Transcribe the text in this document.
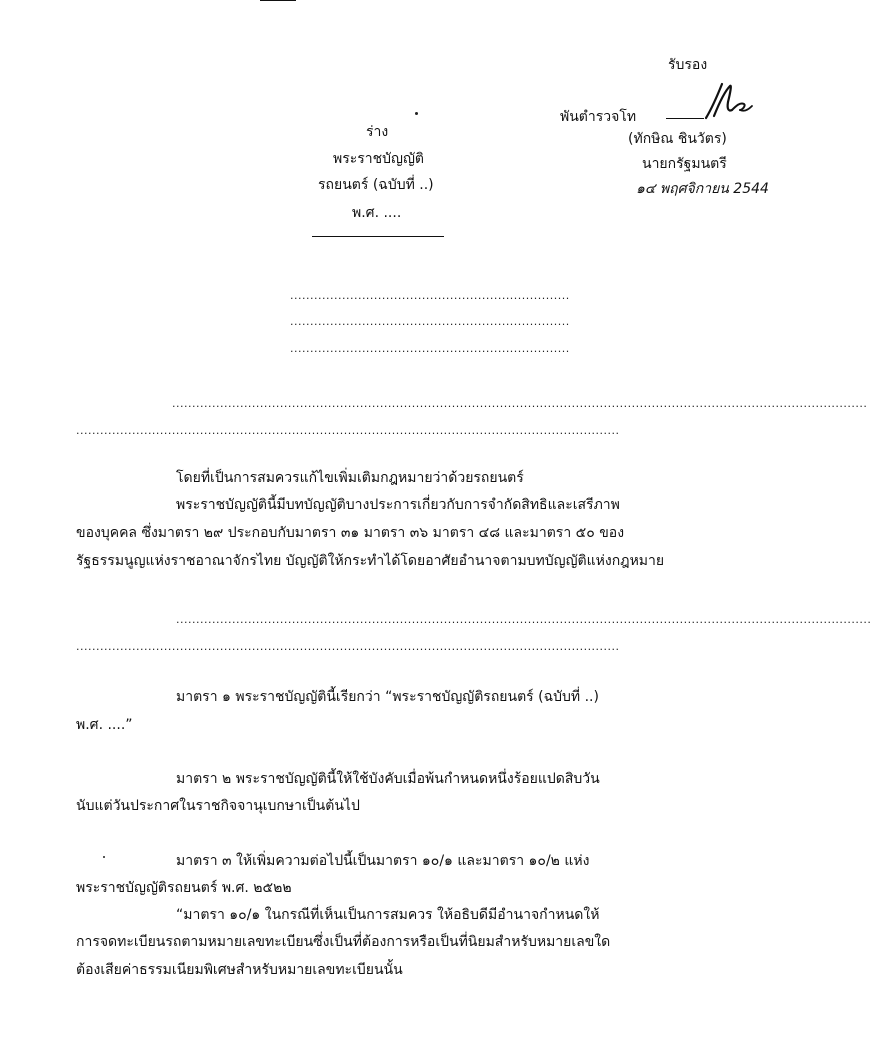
รับรอง
พันตำรวจโท
(ทักษิณ ชินวัตร)
นายกรัฐมนตรี
๑๔ พฤศจิกายน 2544
ร่าง
พระราชบัญญัติ
รถยนตร์ (ฉบับที่ ..)
พ.ศ. ....
......................................................................
......................................................................
......................................................................
..............................................................................................................................................................................
........................................................................................................................................
โดยที่เป็นการสมควรแก้ไขเพิ่มเติมกฎหมายว่าด้วยรถยนตร์
พระราชบัญญัตินี้มีบทบัญญัติบางประการเกี่ยวกับการจำกัดสิทธิและเสรีภาพ
ของบุคคล ซึ่งมาตรา ๒๙ ประกอบกับมาตรา ๓๑ มาตรา ๓๖ มาตรา ๔๘ และมาตรา ๕๐ ของ
รัฐธรรมนูญแห่งราชอาณาจักรไทย บัญญัติให้กระทำได้โดยอาศัยอำนาจตามบทบัญญัติแห่งกฎหมาย
..............................................................................................................................................................................
........................................................................................................................................
มาตรา ๑ พระราชบัญญัตินี้เรียกว่า “พระราชบัญญัติรถยนตร์ (ฉบับที่ ..)
พ.ศ. ....”
มาตรา ๒ พระราชบัญญัตินี้ให้ใช้บังคับเมื่อพ้นกำหนดหนึ่งร้อยแปดสิบวัน
นับแต่วันประกาศในราชกิจจานุเบกษาเป็นต้นไป
มาตรา ๓ ให้เพิ่มความต่อไปนี้เป็นมาตรา ๑๐/๑ และมาตรา ๑๐/๒ แห่ง
พระราชบัญญัติรถยนตร์ พ.ศ. ๒๕๒๒
“มาตรา ๑๐/๑ ในกรณีที่เห็นเป็นการสมควร ให้อธิบดีมีอำนาจกำหนดให้
การจดทะเบียนรถตามหมายเลขทะเบียนซึ่งเป็นที่ต้องการหรือเป็นที่นิยมสำหรับหมายเลขใด
ต้องเสียค่าธรรมเนียมพิเศษสำหรับหมายเลขทะเบียนนั้น
